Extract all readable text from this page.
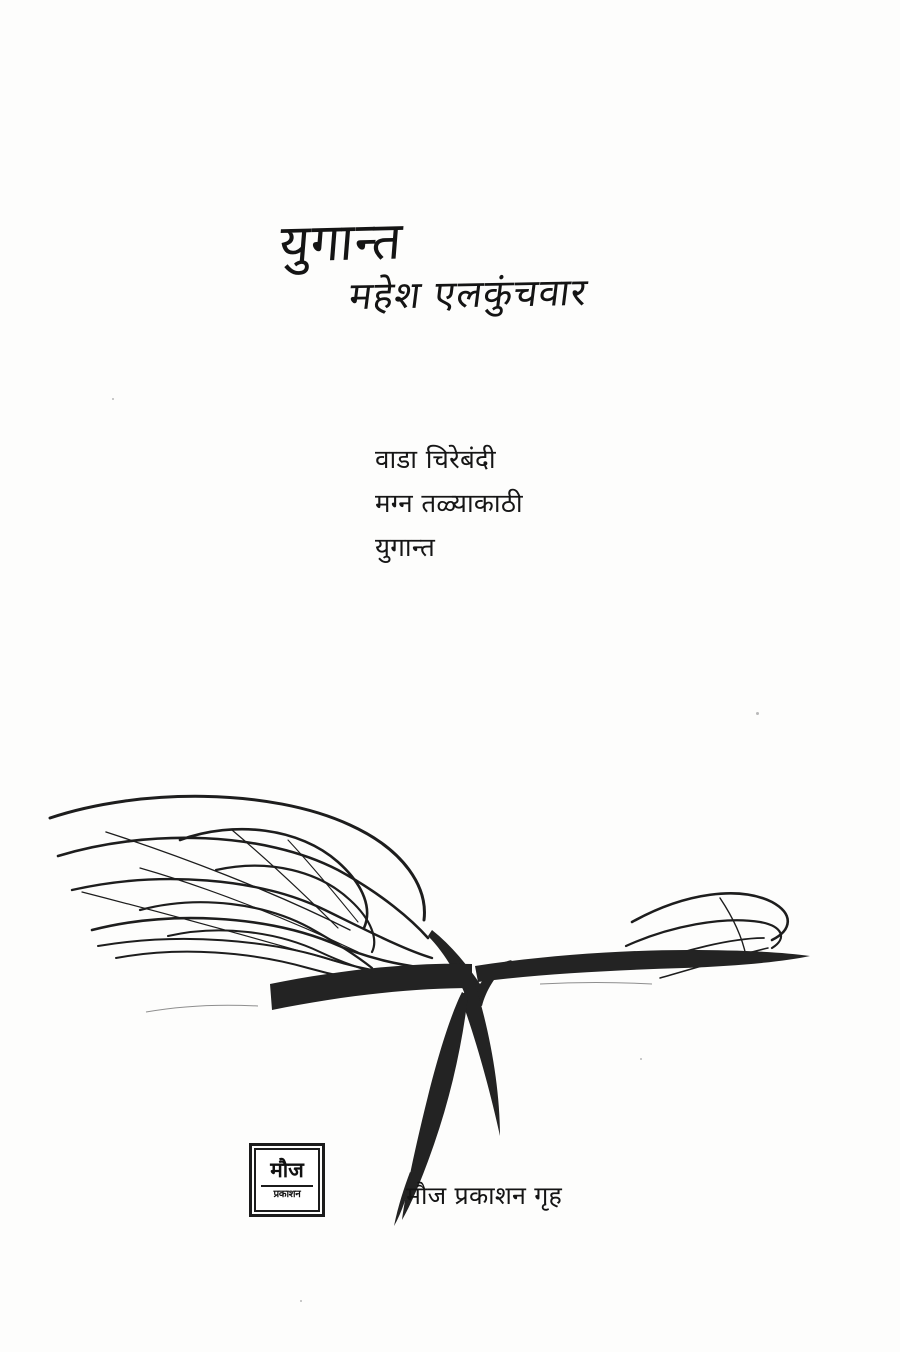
युगान्त
महेश एलकुंचवार
वाडा चिरेबंदी
मग्न तळ्याकाठी
युगान्त
मौज
प्रकाशन	मौज प्रकाशन गृह
